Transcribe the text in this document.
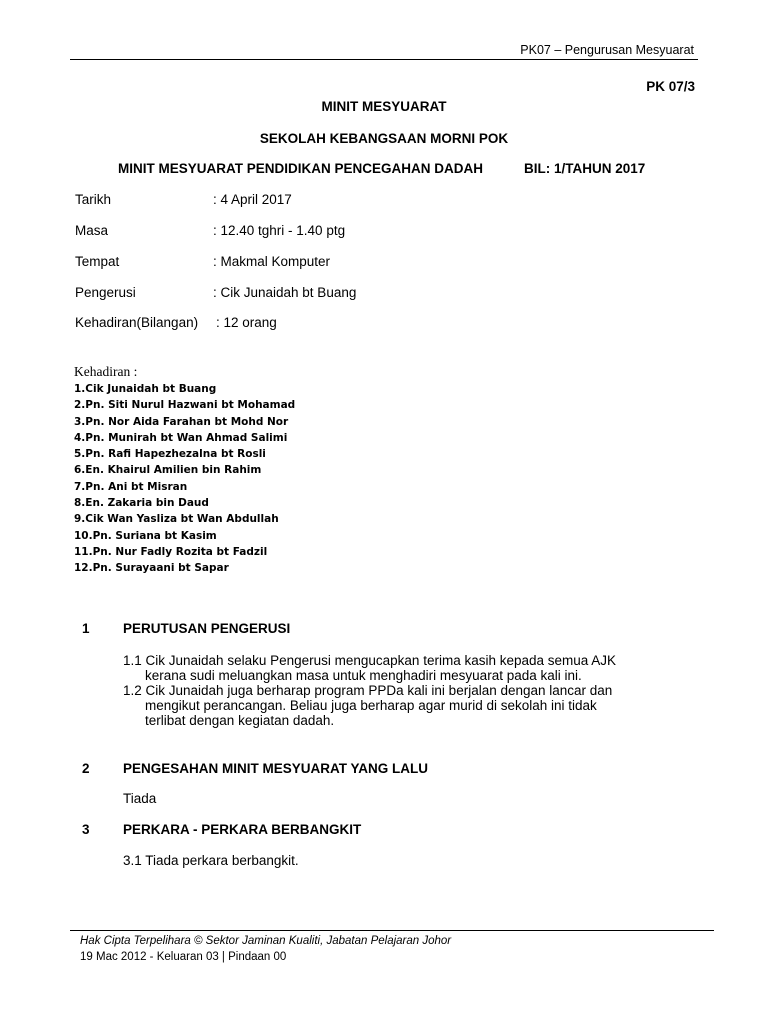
PK07 – Pengurusan Mesyuarat
PK 07/3
MINIT MESYUARAT
SEKOLAH KEBANGSAAN MORNI POK
MINIT MESYUARAT PENDIDIKAN PENCEGAHAN DADAH	BIL: 1/TAHUN 2017
Tarikh	: 4 April 2017
Masa	: 12.40 tghri - 1.40 ptg
Tempat	: Makmal Komputer
Pengerusi	: Cik Junaidah bt Buang
Kehadiran(Bilangan) : 12 orang
Kehadiran :
1.Cik Junaidah bt Buang
2.Pn. Siti Nurul Hazwani bt Mohamad
3.Pn. Nor Aida Farahan bt Mohd Nor
4.Pn. Munirah bt Wan Ahmad Salimi
5.Pn. Rafi Hapezhezalna bt Rosli
6.En. Khairul Amilien bin Rahim
7.Pn. Ani bt Misran
8.En. Zakaria bin Daud
9.Cik Wan Yasliza bt Wan Abdullah
10.Pn. Suriana bt Kasim
11.Pn. Nur Fadly Rozita bt Fadzil
12.Pn. Surayaani bt Sapar
1 PERUTUSAN PENGERUSI
1.1 Cik Junaidah selaku Pengerusi mengucapkan terima kasih kepada semua AJK
kerana sudi meluangkan masa untuk menghadiri mesyuarat pada kali ini.
1.2 Cik Junaidah juga berharap program PPDa kali ini berjalan dengan lancar dan
mengikut perancangan. Beliau juga berharap agar murid di sekolah ini tidak
terlibat dengan kegiatan dadah.
2 PENGESAHAN MINIT MESYUARAT YANG LALU
Tiada
3 PERKARA - PERKARA BERBANGKIT
3.1 Tiada perkara berbangkit.
Hak Cipta Terpelihara © Sektor Jaminan Kualiti, Jabatan Pelajaran Johor
19 Mac 2012 - Keluaran 03 | Pindaan 00
